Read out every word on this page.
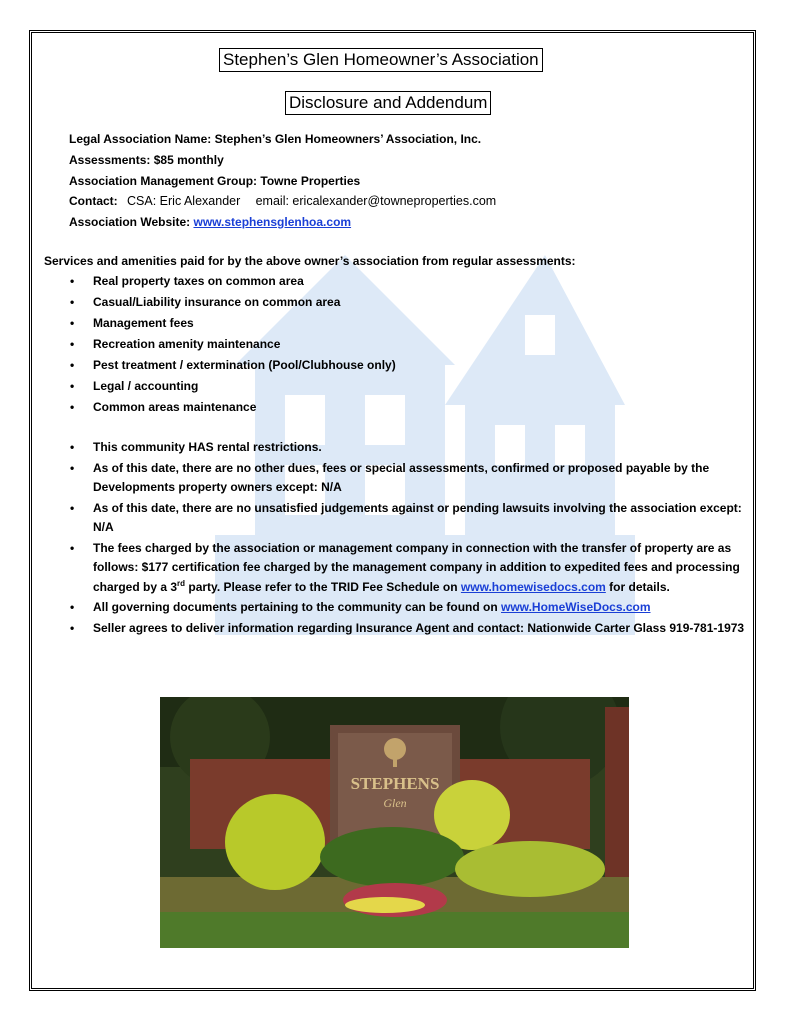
Stephen’s Glen Homeowner’s Association
Disclosure and Addendum
Legal Association Name: Stephen’s Glen Homeowners’ Association, Inc.
Assessments: $85 monthly
Association Management Group: Towne Properties
Contact: CSA: Eric Alexander email: ericalexander@towneproperties.com
Association Website: www.stephensglenhoa.com
Services and amenities paid for by the above owner’s association from regular assessments:
• Real property taxes on common area
• Casual/Liability insurance on common area
• Management fees
• Recreation amenity maintenance
• Pest treatment / extermination (Pool/Clubhouse only)
• Legal / accounting
• Common areas maintenance
• This community HAS rental restrictions.
• As of this date, there are no other dues, fees or special assessments, confirmed or proposed payable by the Developments property owners except: N/A
• As of this date, there are no unsatisfied judgements against or pending lawsuits involving the association except: N/A
• The fees charged by the association or management company in connection with the transfer of property are as follows: $177 certification fee charged by the management company in addition to expedited fees and processing charged by a 3rd party. Please refer to the TRID Fee Schedule on www.homewisedocs.com for details.
• All governing documents pertaining to the community can be found on www.HomeWiseDocs.com
• Seller agrees to deliver information regarding Insurance Agent and contact: Nationwide Carter Glass 919-781-1973
STEPHENS
Glen
